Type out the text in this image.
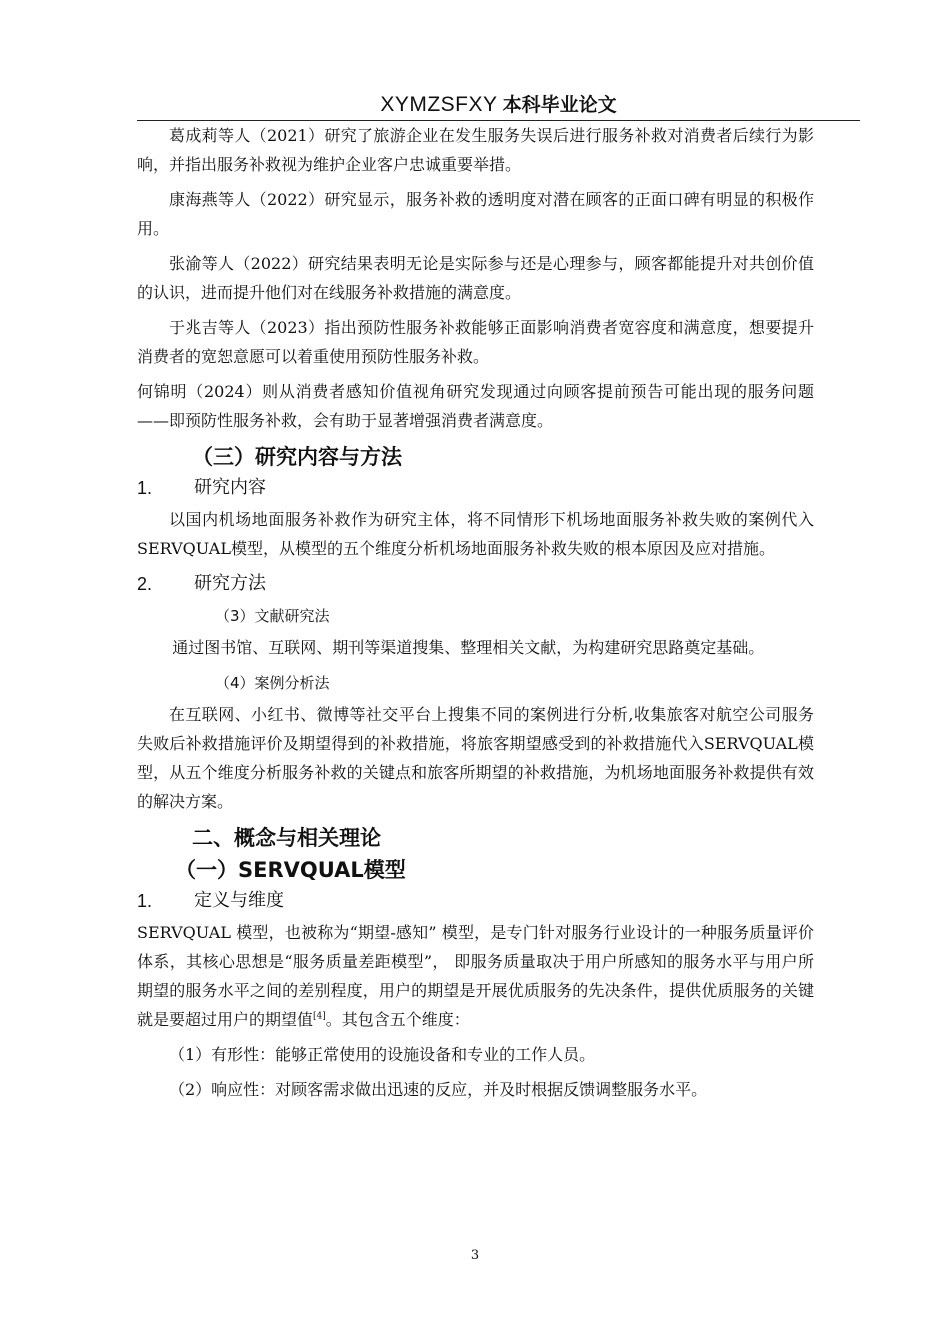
XYMZSFXY 本科毕业论文

葛成莉等人（2021）研究了旅游企业在发生服务失误后进行服务补救对消费者后续行为影响，并指出服务补救视为维护企业客户忠诚重要举措。

康海燕等人（2022）研究显示，服务补救的透明度对潜在顾客的正面口碑有明显的积极作用。

张渝等人（2022）研究结果表明无论是实际参与还是心理参与，顾客都能提升对共创价值的认识，进而提升他们对在线服务补救措施的满意度。

于兆吉等人（2023）指出预防性服务补救能够正面影响消费者宽容度和满意度，想要提升消费者的宽恕意愿可以着重使用预防性服务补救。

何锦明（2024）则从消费者感知价值视角研究发现通过向顾客提前预告可能出现的服务问题——即预防性服务补救，会有助于显著增强消费者满意度。

（三）研究内容与方法
1.	研究内容

以国内机场地面服务补救作为研究主体，将不同情形下机场地面服务补救失败的案例代入SERVQUAL模型，从模型的五个维度分析机场地面服务补救失败的根本原因及应对措施。

2.	研究方法
（3）文献研究法

通过图书馆、互联网、期刊等渠道搜集、整理相关文献，为构建研究思路奠定基础。

（4）案例分析法

在互联网、小红书、微博等社交平台上搜集不同的案例进行分析,收集旅客对航空公司服务失败后补救措施评价及期望得到的补救措施，将旅客期望感受到的补救措施代入SERVQUAL模型，从五个维度分析服务补救的关键点和旅客所期望的补救措施，为机场地面服务补救提供有效的解决方案。

二、概念与相关理论
（一）SERVQUAL模型
1.	定义与维度

SERVQUAL 模型，也被称为“期望-感知” 模型，是专门针对服务行业设计的一种服务质量评价体系，其核心思想是“服务质量差距模型”， 即服务质量取决于用户所感知的服务水平与用户所期望的服务水平之间的差别程度，用户的期望是开展优质服务的先决条件，提供优质服务的关键就是要超过用户的期望值[4]。其包含五个维度：

（1）有形性：能够正常使用的设施设备和专业的工作人员。

（2）响应性：对顾客需求做出迅速的反应，并及时根据反馈调整服务水平。

3
